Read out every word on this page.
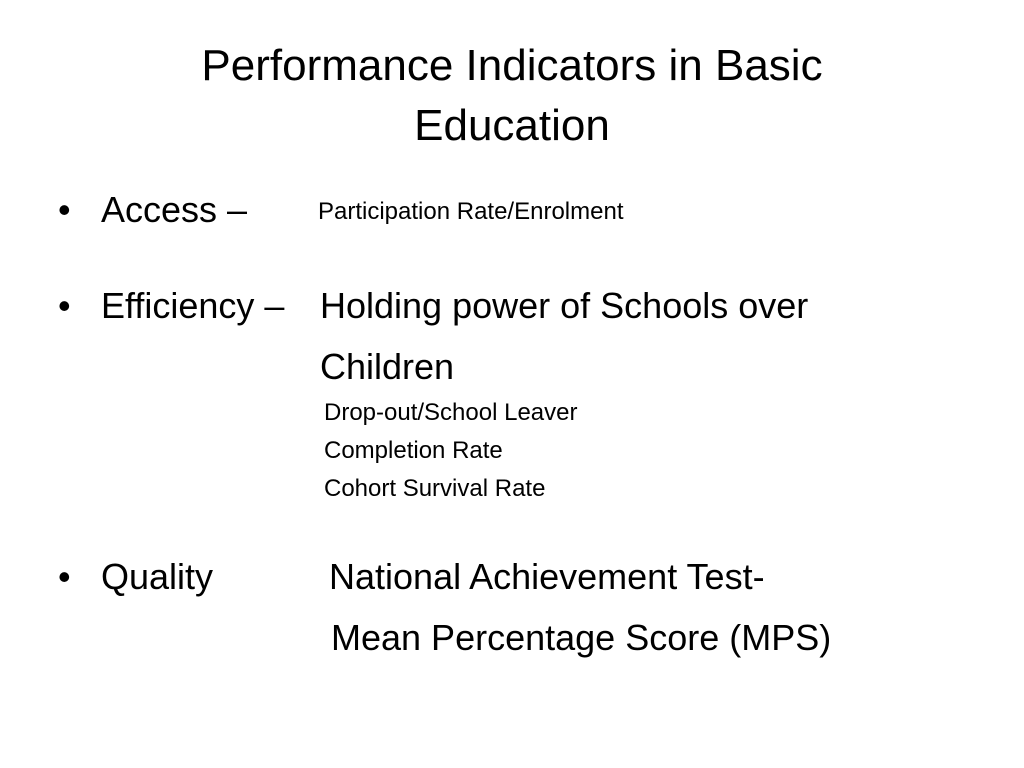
Performance Indicators in Basic
Education
• Access –	Participation Rate/Enrolment
• Efficiency – Holding power of Schools over
Children
Drop-out/School Leaver
Completion Rate
Cohort Survival Rate
• Quality	National Achievement Test-
Mean Percentage Score (MPS)
